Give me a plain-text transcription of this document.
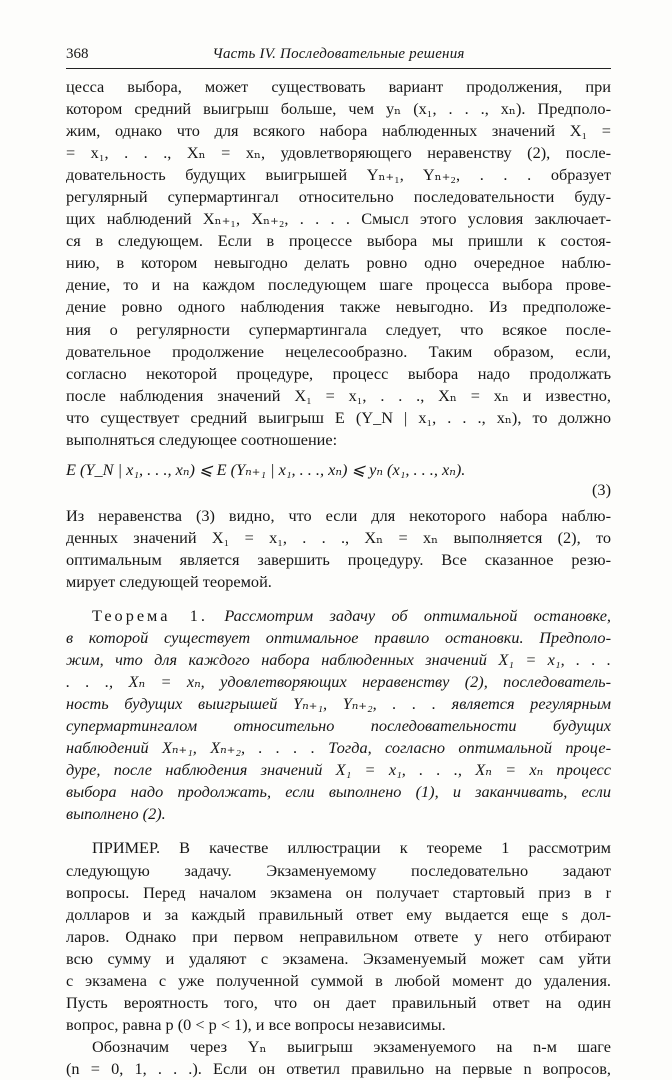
368	Часть IV. Последовательные решения
цесса выбора, может существовать вариант продолжения, при
котором средний выигрыш больше, чем yₙ (x₁, . . ., xₙ). Предполо-
жим, однако что для всякого набора наблюденных значений X₁ =
= x₁, . . ., Xₙ = xₙ, удовлетворяющего неравенству (2), после-
довательность будущих выигрышей Yₙ₊₁, Yₙ₊₂, . . . образует
регулярный супермартингал относительно последовательности буду-
щих наблюдений Xₙ₊₁, Xₙ₊₂, . . . . Смысл этого условия заключает-
ся в следующем. Если в процессе выбора мы пришли к состоя-
нию, в котором невыгодно делать ровно одно очередное наблю-
дение, то и на каждом последующем шаге процесса выбора прове-
дение ровно одного наблюдения также невыгодно. Из предположе-
ния о регулярности супермартингала следует, что всякое после-
довательное продолжение нецелесообразно. Таким образом, если,
согласно некоторой процедуре, процесс выбора надо продолжать
после наблюдения значений X₁ = x₁, . . ., Xₙ = xₙ и известно,
что существует средний выигрыш E (Y_N | x₁, . . ., xₙ), то должно
выполняться следующее соотношение:
E (Y_N | x₁, . . ., xₙ) ⩽ E (Yₙ₊₁ | x₁, . . ., xₙ) ⩽ yₙ (x₁, . . ., xₙ).
(3)
Из неравенства (3) видно, что если для некоторого набора наблю-
денных значений X₁ = x₁, . . ., Xₙ = xₙ выполняется (2), то
оптимальным является завершить процедуру. Все сказанное резю-
мирует следующей теоремой.
Теорема 1. Рассмотрим задачу об оптимальной остановке,
в которой существует оптимальное правило остановки. Предполо-
жим, что для каждого набора наблюденных значений X₁ = x₁, . . .
. . ., Xₙ = xₙ, удовлетворяющих неравенству (2), последователь-
ность будущих выигрышей Yₙ₊₁, Yₙ₊₂, . . . является регулярным
супермартингалом относительно последовательности будущих
наблюдений Xₙ₊₁, Xₙ₊₂, . . . . Тогда, согласно оптимальной проце-
дуре, после наблюдения значений X₁ = x₁, . . ., Xₙ = xₙ процесс
выбора надо продолжать, если выполнено (1), и заканчивать, если
выполнено (2).
ПРИМЕР. В качестве иллюстрации к теореме 1 рассмотрим
следующую задачу. Экзаменуемому последовательно задают
вопросы. Перед началом экзамена он получает стартовый приз в r
долларов и за каждый правильный ответ ему выдается еще s дол-
ларов. Однако при первом неправильном ответе у него отбирают
всю сумму и удаляют с экзамена. Экзаменуемый может сам уйти
с экзамена с уже полученной суммой в любой момент до удаления.
Пусть вероятность того, что он дает правильный ответ на один
вопрос, равна p (0 < p < 1), и все вопросы независимы.
Обозначим через Yₙ выигрыш экзаменуемого на n-м шаге
(n = 0, 1, . . .). Если он ответил правильно на первые n вопросов,
